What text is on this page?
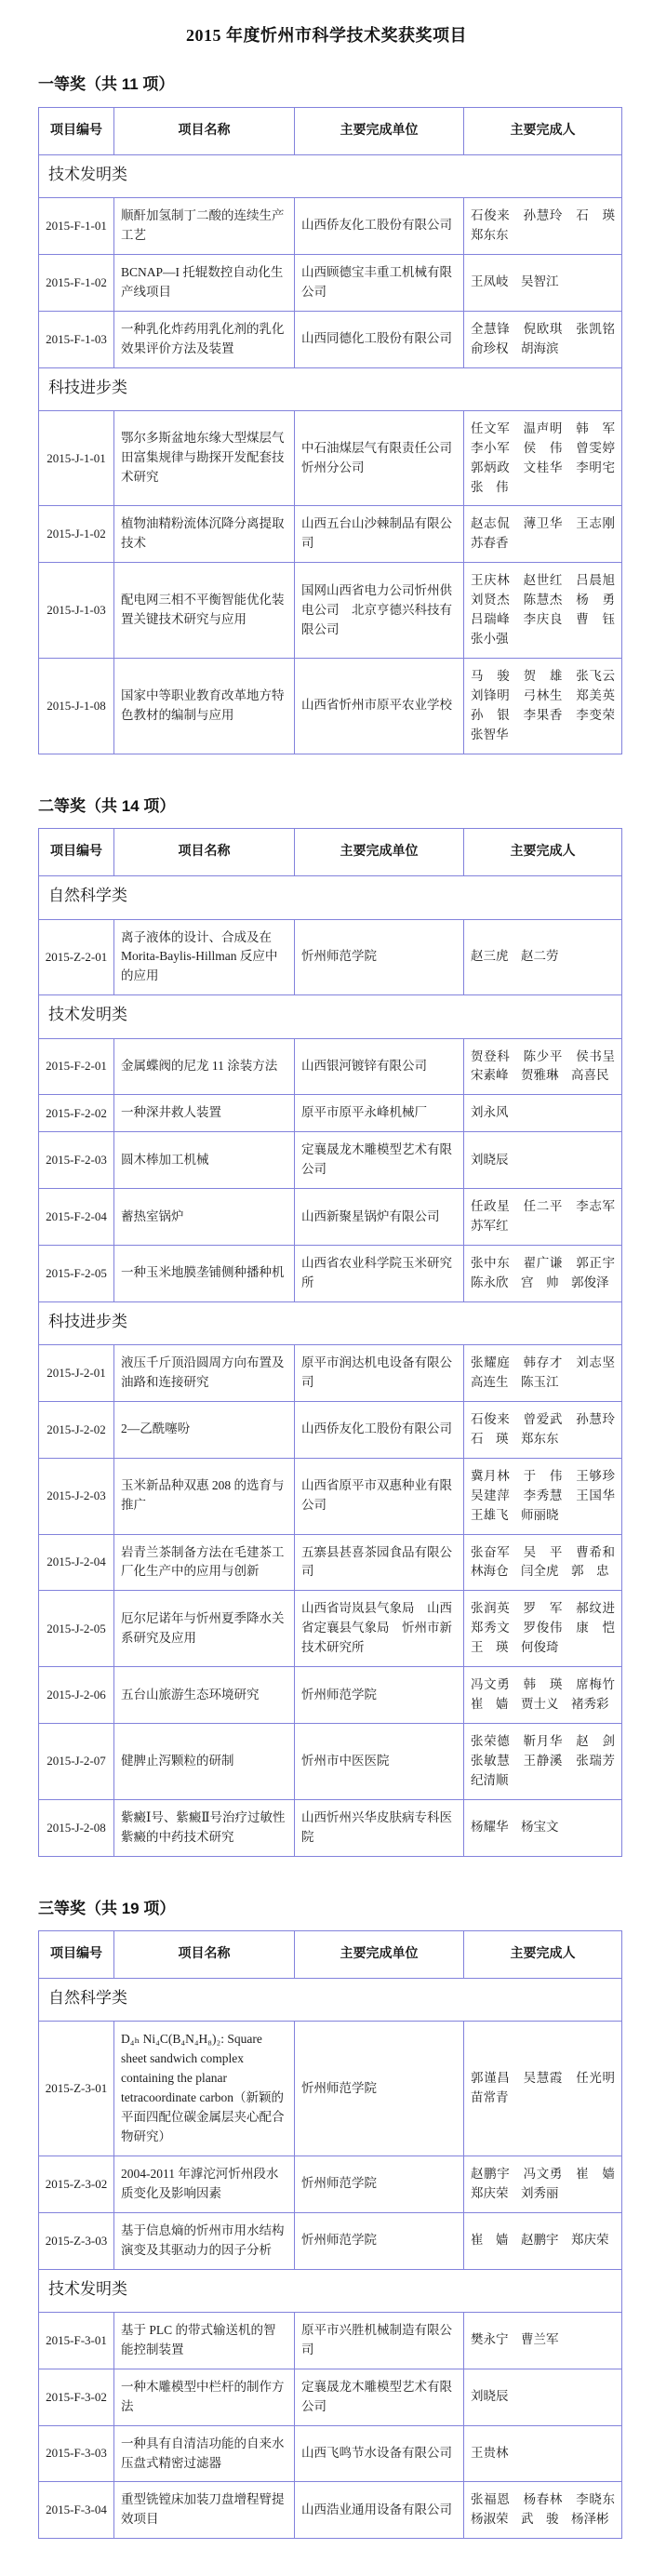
2015 年度忻州市科学技术奖获奖项目
一等奖（共 11 项）
项目编号	项目名称	主要完成单位	主要完成人
技术发明类			
2015-F-1-01	顺酐加氢制丁二酸的连续生产工艺	山西侨友化工股份有限公司	石俊来　孙慧玲　石　瑛　郑东东
2015-F-1-02	BCNAP—I 托辊数控自动化生产线项目	山西顾德宝丰重工机械有限公司	王凤岐　吴智江
2015-F-1-03	一种乳化炸药用乳化剂的乳化效果评价方法及装置	山西同德化工股份有限公司	全慧锋　倪欧琪　张凯铭　俞珍权　胡海滨
科技进步类			
2015-J-1-01	鄂尔多斯盆地东缘大型煤层气田富集规律与勘探开发配套技术研究	中石油煤层气有限责任公司忻州分公司	任文军　温声明　韩　军　李小军　侯　伟　曾雯婷　郭炳政　文桂华　李明宅　张　伟
2015-J-1-02	植物油精粉流体沉降分离提取技术	山西五台山沙棘制品有限公司	赵志侃　薄卫华　王志刚　苏春香
2015-J-1-03	配电网三相不平衡智能优化装置关键技术研究与应用	国网山西省电力公司忻州供电公司　北京亨德兴科技有限公司	王庆林　赵世红　吕晨旭　刘贤杰　陈慧杰　杨　勇　吕瑞峰　李庆良　曹　钰　张小强
2015-J-1-08	国家中等职业教育改革地方特色教材的编制与应用	山西省忻州市原平农业学校	马　骏　贺　雄　张飞云　刘锋明　弓林生　郑美英　孙　银　李果香　李变荣　张智华
二等奖（共 14 项）
项目编号	项目名称	主要完成单位	主要完成人
自然科学类			
2015-Z-2-01	离子液体的设计、合成及在 Morita-Baylis-Hillman 反应中的应用	忻州师范学院	赵三虎　赵二劳
技术发明类			
2015-F-2-01	金属蝶阀的尼龙 11 涂装方法	山西银河镀锌有限公司	贺登科　陈少平　侯书呈　宋素峰　贺雅琳　高喜民
2015-F-2-02	一种深井救人装置	原平市原平永峰机械厂	刘永风
2015-F-2-03	圆木棒加工机械	定襄晟龙木雕模型艺术有限公司	刘晓辰
2015-F-2-04	蓄热室锅炉	山西新聚星锅炉有限公司	任政星　任二平　李志军　苏军红
2015-F-2-05	一种玉米地膜垄铺侧种播种机	山西省农业科学院玉米研究所	张中东　翟广谦　郭正宇　陈永欣　宫　帅　郭俊泽
科技进步类			
2015-J-2-01	液压千斤顶沿圆周方向布置及油路和连接研究	原平市润达机电设备有限公司	张耀庭　韩存才　刘志坚　高连生　陈玉江
2015-J-2-02	2—乙酰噻吩	山西侨友化工股份有限公司	石俊来　曾爱武　孙慧玲　石　瑛　郑东东
2015-J-2-03	玉米新品种双惠 208 的选育与推广	山西省原平市双惠种业有限公司	冀月林　于　伟　王够珍　吴建萍　李秀慧　王国华　王雄飞　师丽晓
2015-J-2-04	岩青兰茶制备方法在毛建茶工厂化生产中的应用与创新	五寨县甚喜茶园食品有限公司	张奋军　吴　平　曹希和　林海仓　闫全虎　郭　忠
2015-J-2-05	厄尔尼诺年与忻州夏季降水关系研究及应用	山西省岢岚县气象局　山西省定襄县气象局　忻州市新技术研究所	张润英　罗　军　郝纹进　郑秀文　罗俊伟　康　恺　王　瑛　何俊琦
2015-J-2-06	五台山旅游生态环境研究	忻州师范学院	冯文勇　韩　瑛　席梅竹　崔　嫱　贾士义　褚秀彩
2015-J-2-07	健脾止泻颗粒的研制	忻州市中医医院	张荣德　靳月华　赵　剑　张敏慧　王静溪　张瑞芳　纪清顺
2015-J-2-08	紫癜Ⅰ号、紫癜Ⅱ号治疗过敏性紫癜的中药技术研究	山西忻州兴华皮肤病专科医院	杨耀华　杨宝文
三等奖（共 19 项）
项目编号	项目名称	主要完成单位	主要完成人
自然科学类			
2015-Z-3-01	D₄ₕ Ni₄C(B₄N₄H₈)₂: Square sheet sandwich complex containing the planar tetracoordinate carbon（新颖的平面四配位碳金属层夹心配合物研究）	忻州师范学院	郭谨昌　吴慧霞　任光明　苗常青
2015-Z-3-02	2004-2011 年滹沱河忻州段水质变化及影响因素	忻州师范学院	赵鹏宇　冯文勇　崔　嫱　郑庆荣　刘秀丽
2015-Z-3-03	基于信息熵的忻州市用水结构演变及其驱动力的因子分析	忻州师范学院	崔　嫱　赵鹏宇　郑庆荣
技术发明类			
2015-F-3-01	基于 PLC 的带式输送机的智能控制装置	原平市兴胜机械制造有限公司	樊永宁　曹兰军
2015-F-3-02	一种木雕模型中栏杆的制作方法	定襄晟龙木雕模型艺术有限公司	刘晓辰
2015-F-3-03	一种具有自清洁功能的自来水压盘式精密过滤器	山西飞鸣节水设备有限公司	王贵林
2015-F-3-04	重型铣镗床加装刀盘增程臂提效项目	山西浩业通用设备有限公司	张福恩　杨春林　李晓东　杨淑荣　武　骏　杨泽彬
